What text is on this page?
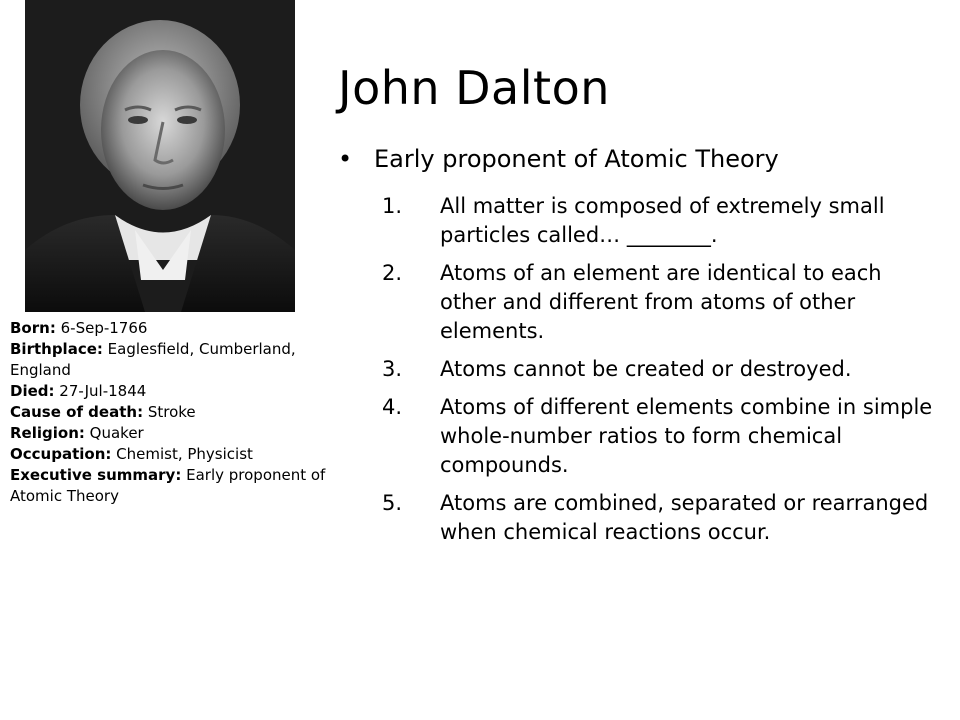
Born: 6-Sep-1766
Birthplace: Eaglesfield, Cumberland, England
Died: 27-Jul-1844
Cause of death: Stroke
Religion: Quaker
Occupation: Chemist, Physicist
Executive summary: Early proponent of Atomic Theory
John Dalton
• Early proponent of Atomic Theory
1. All matter is composed of extremely small particles called… ________.
2. Atoms of an element are identical to each other and different from atoms of other elements.
3. Atoms cannot be created or destroyed.
4. Atoms of different elements combine in simple whole-number ratios to form chemical compounds.
5. Atoms are combined, separated or rearranged when chemical reactions occur.
